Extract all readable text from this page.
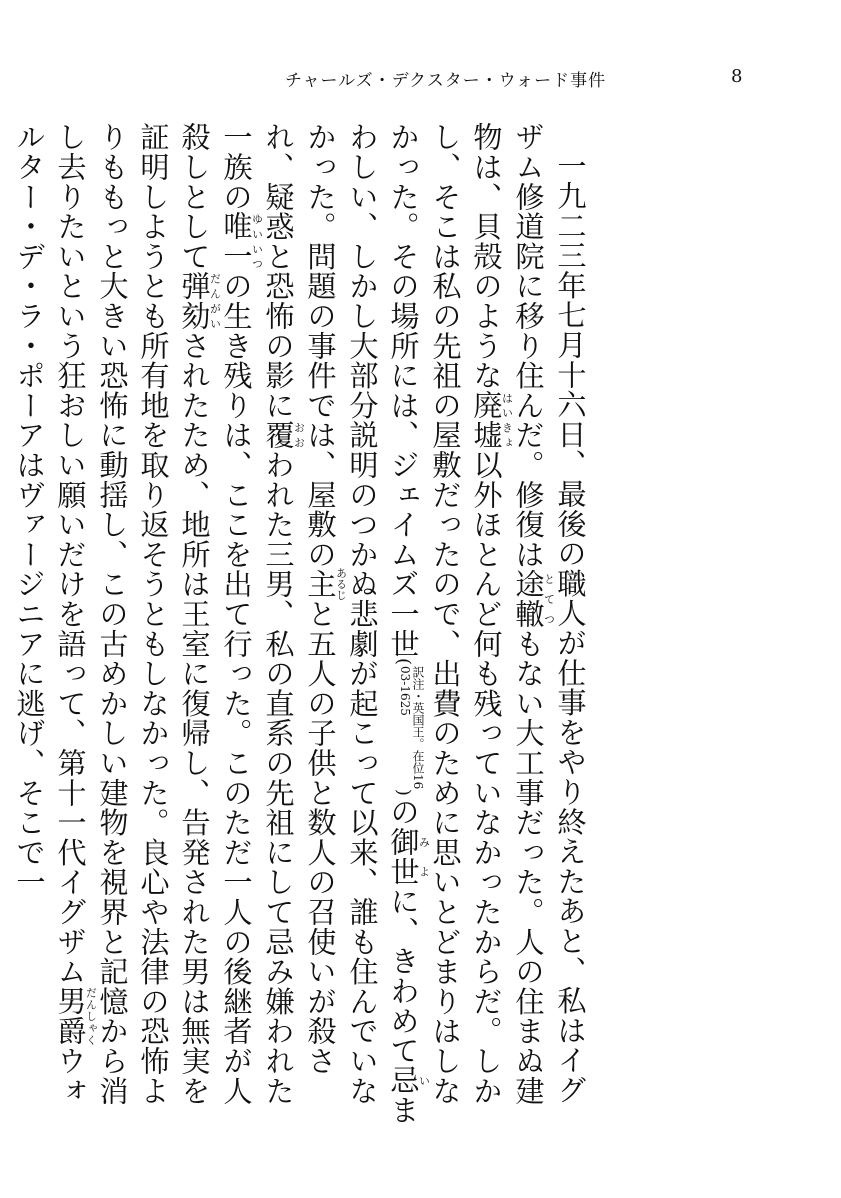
チャールズ・デクスター・ウォード事件	8

一九二三年七月十六日、最後の職人が仕事をやり終えたあと、私はイグザム修道院に移り住んだ。修復は途轍とてつもない大工事だった。人の住まぬ建物は、貝殻のような廃墟はいきょ以外ほとんど何も残っていなかったからだ。しかし、そこは私の先祖の屋敷だったので、出費のために思いとどまりはしなかった。その場所には、ジェイムズ一世(
訳注・英国王。在位16
03-1625
)の御世みよに、きわめて忌いまわしい、しかし大部分説明のつかぬ悲劇が起こって以来、誰も住んでいなかった。問題の事件では、屋敷の主あるじと五人の子供と数人の召使いが殺され、疑惑と恐怖の影に覆おおわれた三男、私の直系の先祖にして忌み嫌われた一族の唯一ゆいいつの生き残りは、ここを出て行った。このただ一人の後継者が人殺しとして弾劾だんがいされたため、地所は王室に復帰し、告発された男は無実を証明しようとも所有地を取り返そうともしなかった。良心や法律の恐怖よりももっと大きい恐怖に動揺し、この古めかしい建物を視界と記憶から消し去りたいという狂おしい願いだけを語って、第十一代イグザム男爵だんしゃくウォルター・デ・ラ・ポーアはヴァージニアに逃げ、そこで一
